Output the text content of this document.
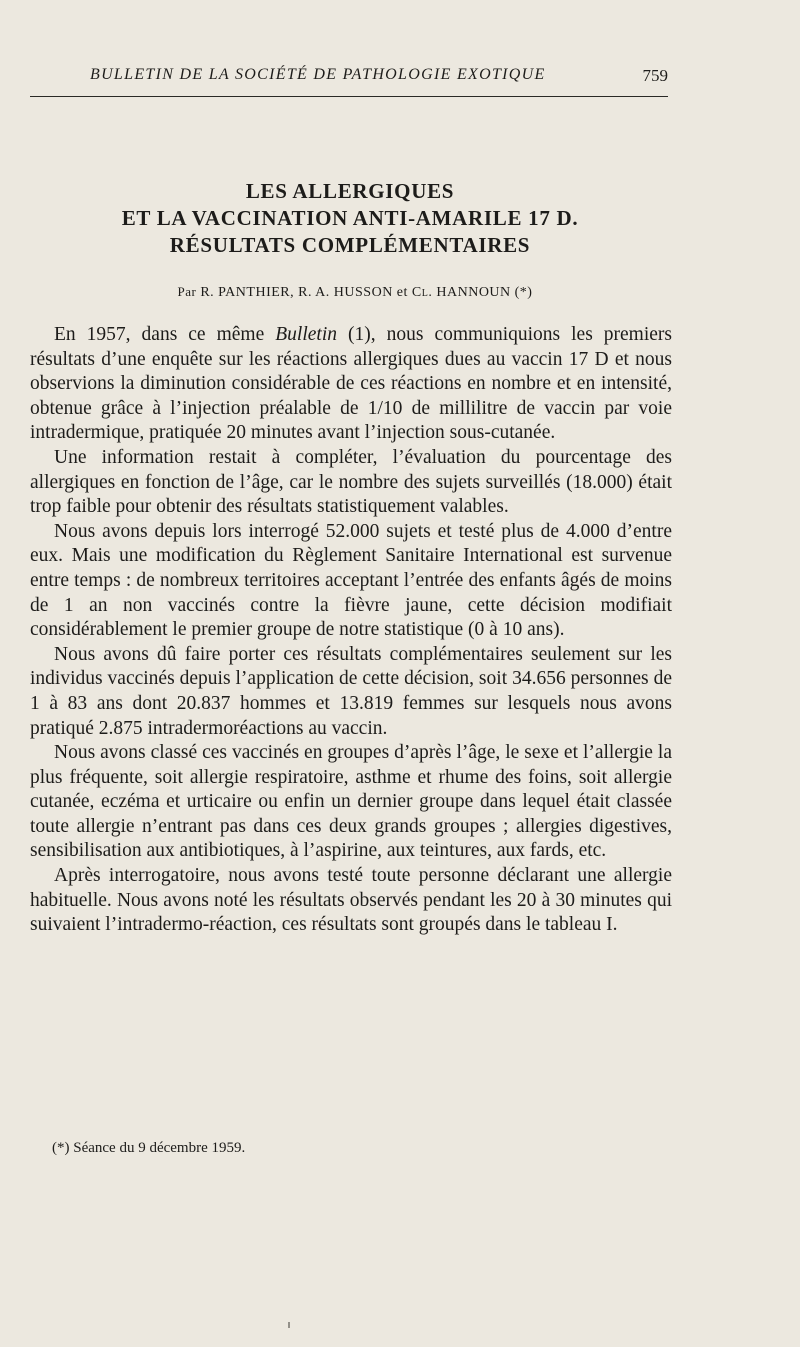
BULLETIN DE LA SOCIÉTÉ DE PATHOLOGIE EXOTIQUE	759
LES ALLERGIQUES
ET LA VACCINATION ANTI-AMARILE 17 D.
RÉSULTATS COMPLÉMENTAIRES
Par R. PANTHIER, R. A. HUSSON et Cl. HANNOUN (*)

En 1957, dans ce même Bulletin (1), nous communiquions les premiers résultats d’une enquête sur les réactions allergiques dues au vaccin 17 D et nous observions la diminution considérable de ces réactions en nombre et en intensité, obtenue grâce à l’injection préalable de 1/10 de millilitre de vaccin par voie intradermique, pratiquée 20 minutes avant l’injection sous-cutanée.

Une information restait à compléter, l’évaluation du pourcentage des allergiques en fonction de l’âge, car le nombre des sujets surveillés (18.000) était trop faible pour obtenir des résultats statistiquement valables.

Nous avons depuis lors interrogé 52.000 sujets et testé plus de 4.000 d’entre eux. Mais une modification du Règlement Sanitaire International est survenue entre temps : de nombreux territoires acceptant l’entrée des enfants âgés de moins de 1 an non vaccinés contre la fièvre jaune, cette décision modifiait considérablement le premier groupe de notre statistique (0 à 10 ans).

Nous avons dû faire porter ces résultats complémentaires seulement sur les individus vaccinés depuis l’application de cette décision, soit 34.656 personnes de 1 à 83 ans dont 20.837 hommes et 13.819 femmes sur lesquels nous avons pratiqué 2.875 intradermoréactions au vaccin.

Nous avons classé ces vaccinés en groupes d’après l’âge, le sexe et l’allergie la plus fréquente, soit allergie respiratoire, asthme et rhume des foins, soit allergie cutanée, eczéma et urticaire ou enfin un dernier groupe dans lequel était classée toute allergie n’entrant pas dans ces deux grands groupes ; allergies digestives, sensibilisation aux antibiotiques, à l’aspirine, aux teintures, aux fards, etc.

Après interrogatoire, nous avons testé toute personne déclarant une allergie habituelle. Nous avons noté les résultats observés pendant les 20 à 30 minutes qui suivaient l’intradermo-réaction, ces résultats sont groupés dans le tableau I.

(*) Séance du 9 décembre 1959.
